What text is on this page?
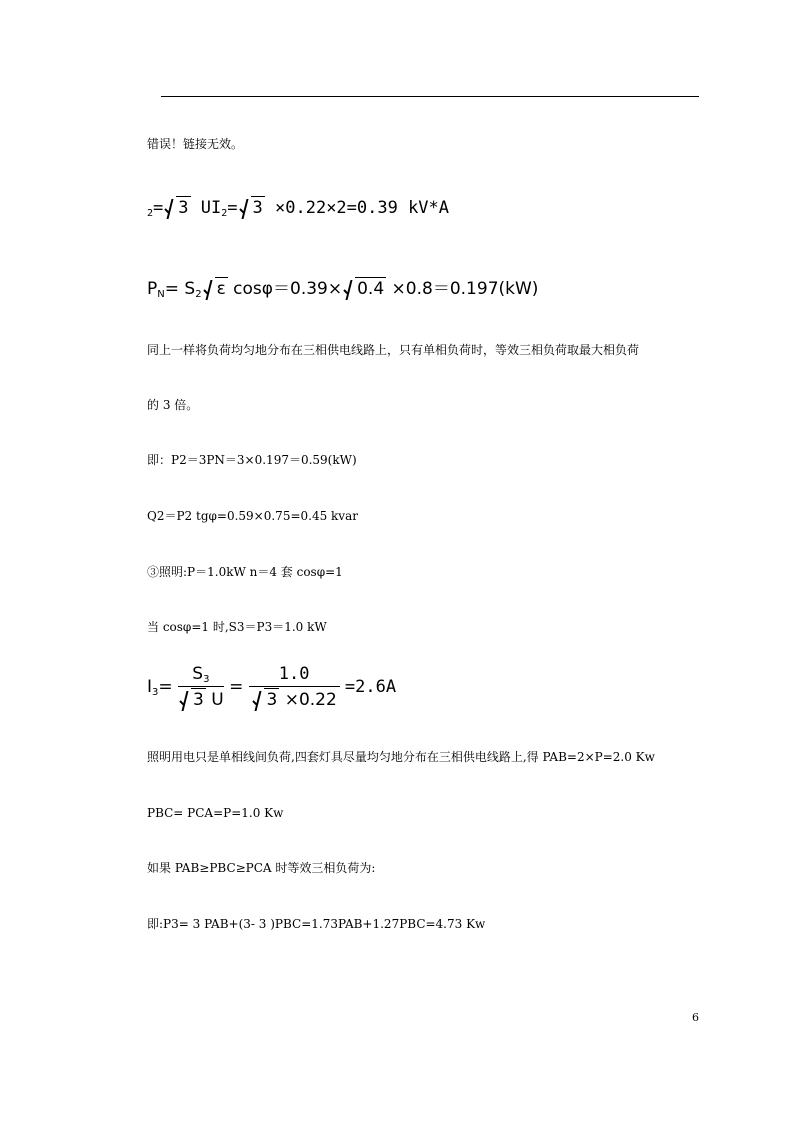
错误！链接无效。
2= 3 UI2= 3 ×0.22×2=0.39 kV*A
PN= S2 ε cosφ＝0.39× 0.4 ×0.8＝0.197(kW)
同上一样将负荷均匀地分布在三相供电线路上，只有单相负荷时，等效三相负荷取最大相负荷
的 3 倍。
即：P2＝3PN＝3×0.197＝0.59(kW)
Q2＝P2 tgφ=0.59×0.75=0.45 kvar
③照明:P＝1.0kW n＝4 套 cosφ=1
当 cosφ=1 时,S3＝P3＝1.0 kW
$I3= \frac{S3}{3 U} = \frac{1.0}{3 \times 0.22} =2.6A$
照明用电只是单相线间负荷,四套灯具尽量均匀地分布在三相供电线路上,得 PAB=2×P=2.0 Kw
PBC= PCA=P=1.0 Kw
如果 PAB≥PBC≥PCA 时等效三相负荷为:
即:P3= 3 PAB+(3- 3 )PBC=1.73PAB+1.27PBC=4.73 Kw
6
